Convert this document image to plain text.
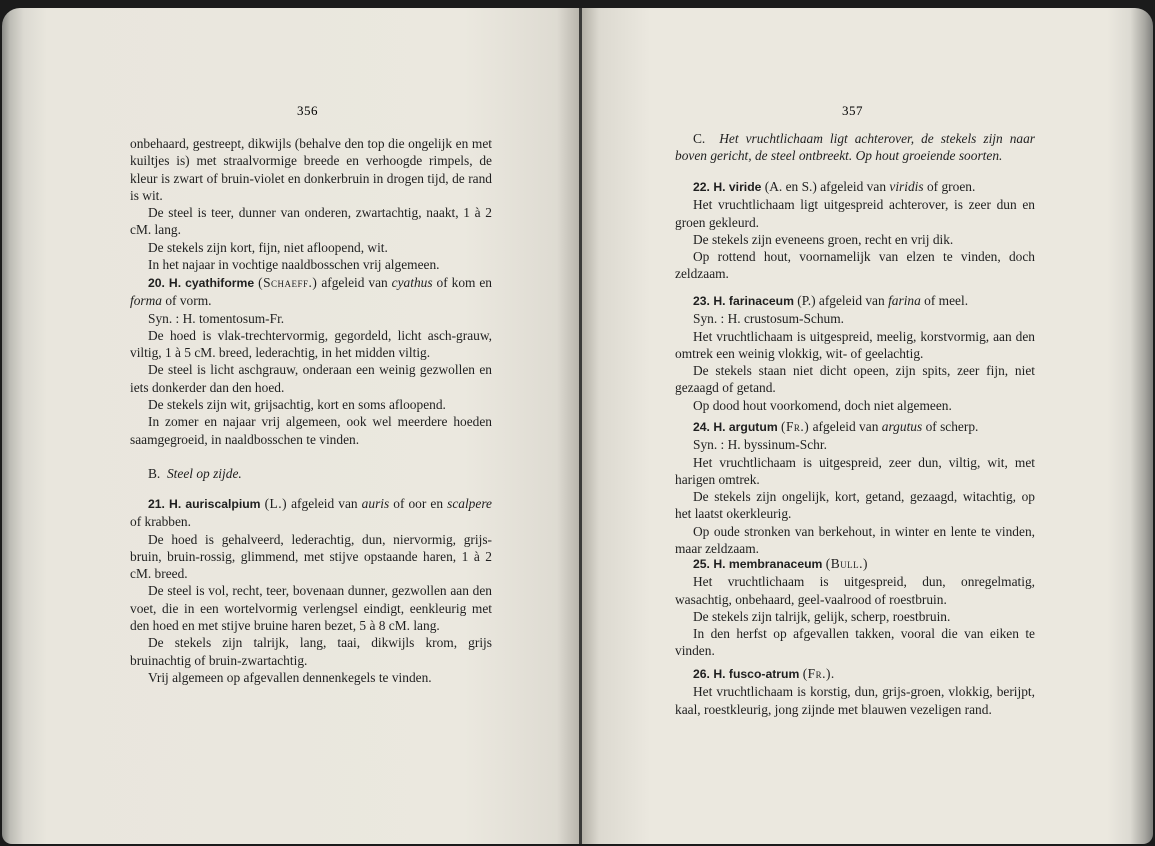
356

onbehaard, gestreept, dikwijls (behalve den top die ongelijk en met kuiltjes is) met straalvormige breede en verhoogde rimpels, de kleur is zwart of bruin-violet en donkerbruin in drogen tijd, de rand is wit.

De steel is teer, dunner van onderen, zwartachtig, naakt, 1 à 2 cM. lang.

De stekels zijn kort, fijn, niet afloopend, wit.

In het najaar in vochtige naaldbosschen vrij algemeen.

20. H. cyathiforme (Schaeff.) afgeleid van cyathus of kom en forma of vorm.

Syn. : H. tomentosum-Fr.

De hoed is vlak-trechtervormig, gegordeld, licht asch-grauw, viltig, 1 à 5 cM. breed, lederachtig, in het midden viltig.

De steel is licht aschgrauw, onderaan een weinig gezwollen en iets donkerder dan den hoed.

De stekels zijn wit, grijsachtig, kort en soms afloopend.

In zomer en najaar vrij algemeen, ook wel meerdere hoeden saamgegroeid, in naaldbosschen te vinden.

B. Steel op zijde.

21. H. auriscalpium (L.) afgeleid van auris of oor en scalpere of krabben.

De hoed is gehalveerd, lederachtig, dun, niervormig, grijs-bruin, bruin-rossig, glimmend, met stijve opstaande haren, 1 à 2 cM. breed.

De steel is vol, recht, teer, bovenaan dunner, gezwollen aan den voet, die in een wortelvormig verlengsel eindigt, eenkleurig met den hoed en met stijve bruine haren bezet, 5 à 8 cM. lang.

De stekels zijn talrijk, lang, taai, dikwijls krom, grijs bruinachtig of bruin-zwartachtig.

Vrij algemeen op afgevallen dennenkegels te vinden.

357

C. Het vruchtlichaam ligt achterover, de stekels zijn naar boven gericht, de steel ontbreekt. Op hout groeiende soorten.

22. H. viride (A. en S.) afgeleid van viridis of groen.

Het vruchtlichaam ligt uitgespreid achterover, is zeer dun en groen gekleurd.

De stekels zijn eveneens groen, recht en vrij dik.

Op rottend hout, voornamelijk van elzen te vinden, doch zeldzaam.

23. H. farinaceum (P.) afgeleid van farina of meel.

Syn. : H. crustosum-Schum.

Het vruchtlichaam is uitgespreid, meelig, korstvormig, aan den omtrek een weinig vlokkig, wit- of geelachtig.

De stekels staan niet dicht opeen, zijn spits, zeer fijn, niet gezaagd of getand.

Op dood hout voorkomend, doch niet algemeen.

24. H. argutum (Fr.) afgeleid van argutus of scherp.

Syn. : H. byssinum-Schr.

Het vruchtlichaam is uitgespreid, zeer dun, viltig, wit, met harigen omtrek.

De stekels zijn ongelijk, kort, getand, gezaagd, witachtig, op het laatst okerkleurig.

Op oude stronken van berkehout, in winter en lente te vinden, maar zeldzaam.

25. H. membranaceum (Bull.)

Het vruchtlichaam is uitgespreid, dun, onregelmatig, wasachtig, onbehaard, geel-vaalrood of roestbruin.

De stekels zijn talrijk, gelijk, scherp, roestbruin.

In den herfst op afgevallen takken, vooral die van eiken te vinden.

26. H. fusco-atrum (Fr.).

Het vruchtlichaam is korstig, dun, grijs-groen, vlokkig, berijpt, kaal, roestkleurig, jong zijnde met blauwen vezeligen rand.
